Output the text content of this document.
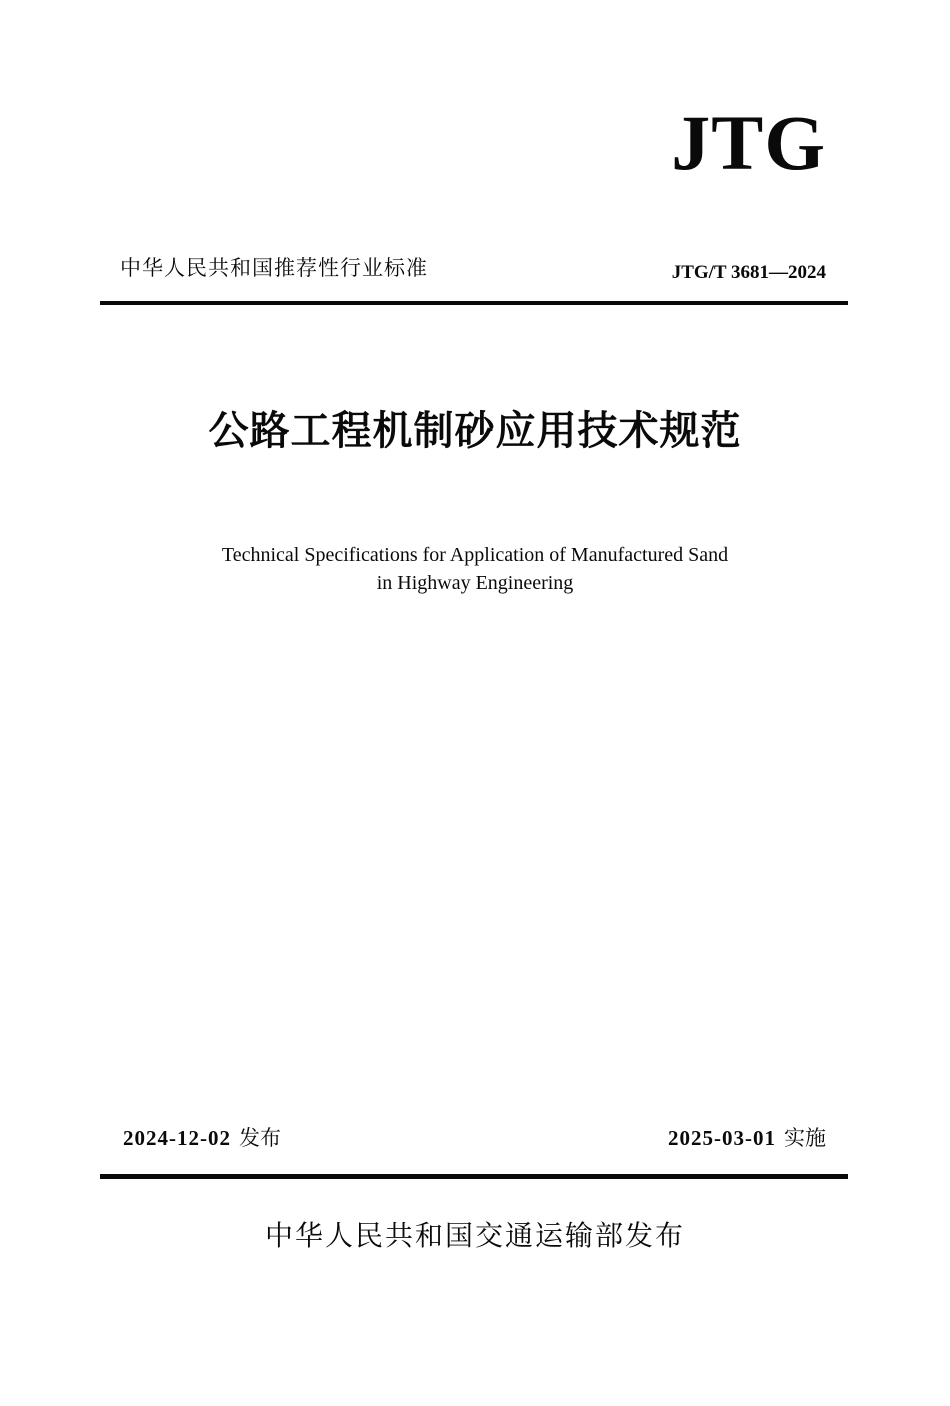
JTG
中华人民共和国推荐性行业标准	JTG/T 3681—2024
公路工程机制砂应用技术规范
Technical Specifications for Application of Manufactured Sand
in Highway Engineering
2024-12-02 发布	2025-03-01 实施
中华人民共和国交通运输部发布
